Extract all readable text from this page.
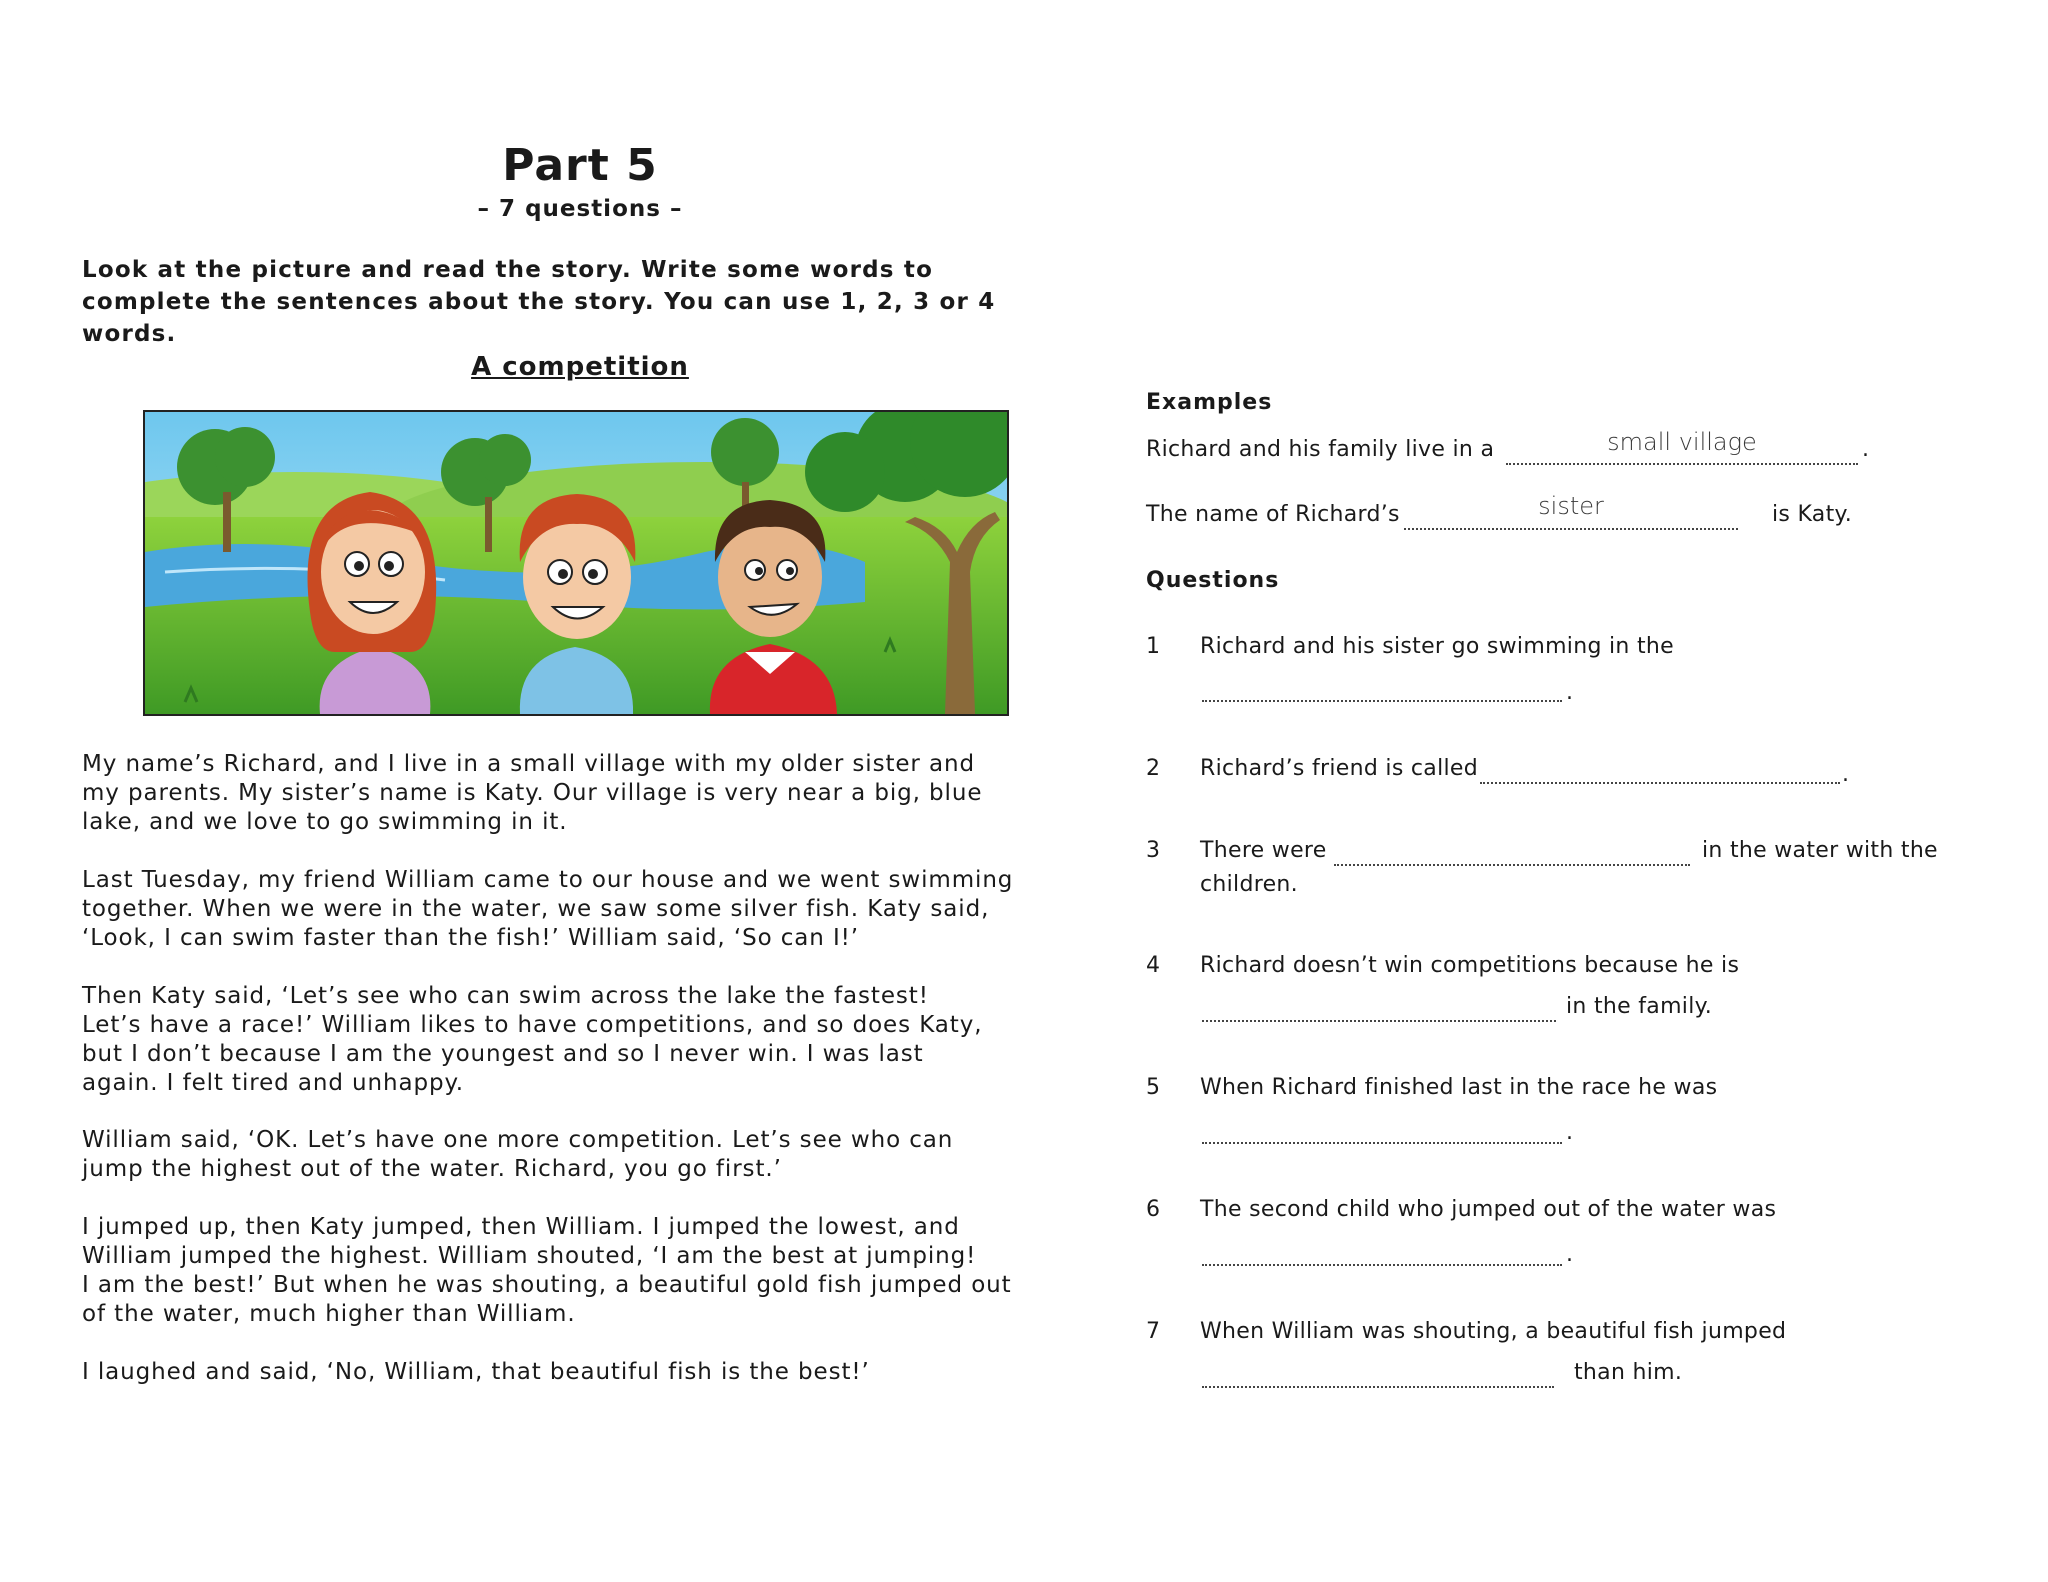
Part 5
– 7 questions –
Look at the picture and read the story. Write some words to complete the sentences about the story. You can use 1, 2, 3 or 4 words.
A competition

My name’s Richard, and I live in a small village with my older sister and

my parents. My sister’s name is Katy. Our village is very near a big, blue

lake, and we love to go swimming in it.

Last Tuesday, my friend William came to our house and we went swimming

together. When we were in the water, we saw some silver fish. Katy said,

‘Look, I can swim faster than the fish!’ William said, ‘So can I!’

Then Katy said, ‘Let’s see who can swim across the lake the fastest!

Let’s have a race!’ William likes to have competitions, and so does Katy,

but I don’t because I am the youngest and so I never win. I was last

again. I felt tired and unhappy.

William said, ‘OK. Let’s have one more competition. Let’s see who can

jump the highest out of the water. Richard, you go first.’

I jumped up, then Katy jumped, then William. I jumped the lowest, and

William jumped the highest. William shouted, ‘I am the best at jumping!

I am the best!’ But when he was shouting, a beautiful gold fish jumped out

of the water, much higher than William.

I laughed and said, ‘No, William, that beautiful fish is the best!’

Examples
Richard and his family live in a	small village	.
The name of Richard’s	sister	is Katy.
Questions
1 Richard and his sister go swimming in the
.
2 Richard’s friend is called	.
3 There were	in the water with the
children.
4 Richard doesn’t win competitions because he is
in the family.
5 When Richard finished last in the race he was
.
6 The second child who jumped out of the water was
.
7 When William was shouting, a beautiful fish jumped
than him.
